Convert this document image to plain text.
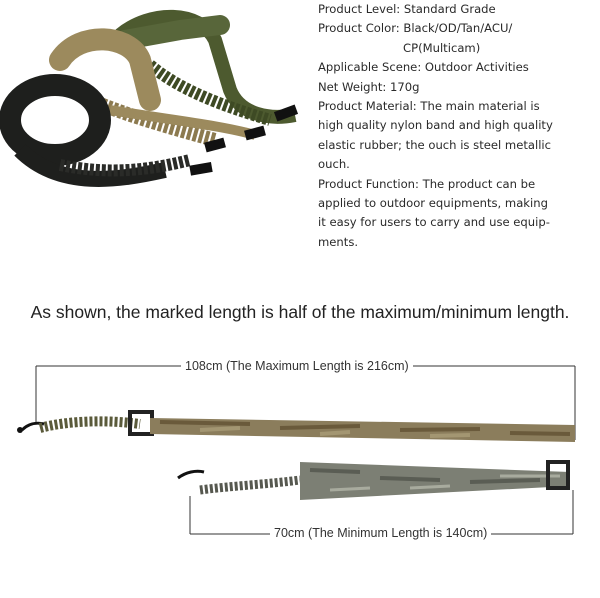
Product Level: Standard Grade
Product Color: Black/OD/Tan/ACU/
CP(Multicam)
Applicable Scene: Outdoor Activities
Net Weight: 170g
Product Material: The main material is
high quality nylon band and high quality
elastic rubber; the ouch is steel metallic
ouch.
Product Function: The product can be
applied to outdoor equipments, making
it easy for users to carry and use equip-
ments.
As shown, the marked length is half of the maximum/minimum length.
108cm (The Maximum Length is 216cm)
70cm (The Minimum Length is 140cm)
